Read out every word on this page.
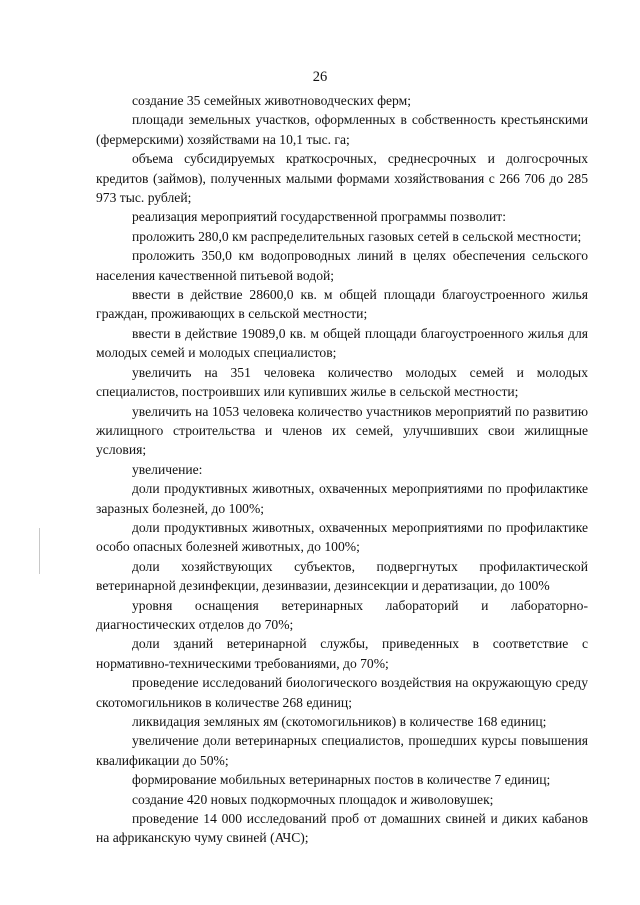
26

создание 35 семейных животноводческих ферм;

площади земельных участков, оформленных в собственность крестьянскими (фермерскими) хозяйствами на 10,1 тыс. га;

объема субсидируемых краткосрочных, среднесрочных и долгосрочных кредитов (займов), полученных малыми формами хозяйствования с 266 706 до 285 973 тыс. рублей;

реализация мероприятий государственной программы позволит:

проложить 280,0 км распределительных газовых сетей в сельской местности;

проложить 350,0 км водопроводных линий в целях обеспечения сельского населения качественной питьевой водой;

ввести в действие 28600,0 кв. м общей площади благоустроенного жилья граждан, проживающих в сельской местности;

ввести в действие 19089,0 кв. м общей площади благоустроенного жилья для молодых семей и молодых специалистов;

увеличить на 351 человека количество молодых семей и молодых специалистов, построивших или купивших жилье в сельской местности;

увеличить на 1053 человека количество участников мероприятий по развитию жилищного строительства и членов их семей, улучшивших свои жилищные условия;

увеличение:

доли продуктивных животных, охваченных мероприятиями по профилактике заразных болезней, до 100%;

доли продуктивных животных, охваченных мероприятиями по профилактике особо опасных болезней животных, до 100%;

доли хозяйствующих субъектов, подвергнутых профилактической ветеринарной дезинфекции, дезинвазии, дезинсекции и дератизации, до 100%

уровня оснащения ветеринарных лабораторий и лабораторно-диагностических отделов до 70%;

доли зданий ветеринарной службы, приведенных в соответствие с нормативно-техническими требованиями, до 70%;

проведение исследований биологического воздействия на окружающую среду скотомогильников в количестве 268 единиц;

ликвидация земляных ям (скотомогильников) в количестве 168 единиц;

увеличение доли ветеринарных специалистов, прошедших курсы повышения квалификации до 50%;

формирование мобильных ветеринарных постов в количестве 7 единиц;

создание 420 новых подкормочных площадок и живоловушек;

проведение 14 000 исследований проб от домашних свиней и диких кабанов на африканскую чуму свиней (АЧС);
